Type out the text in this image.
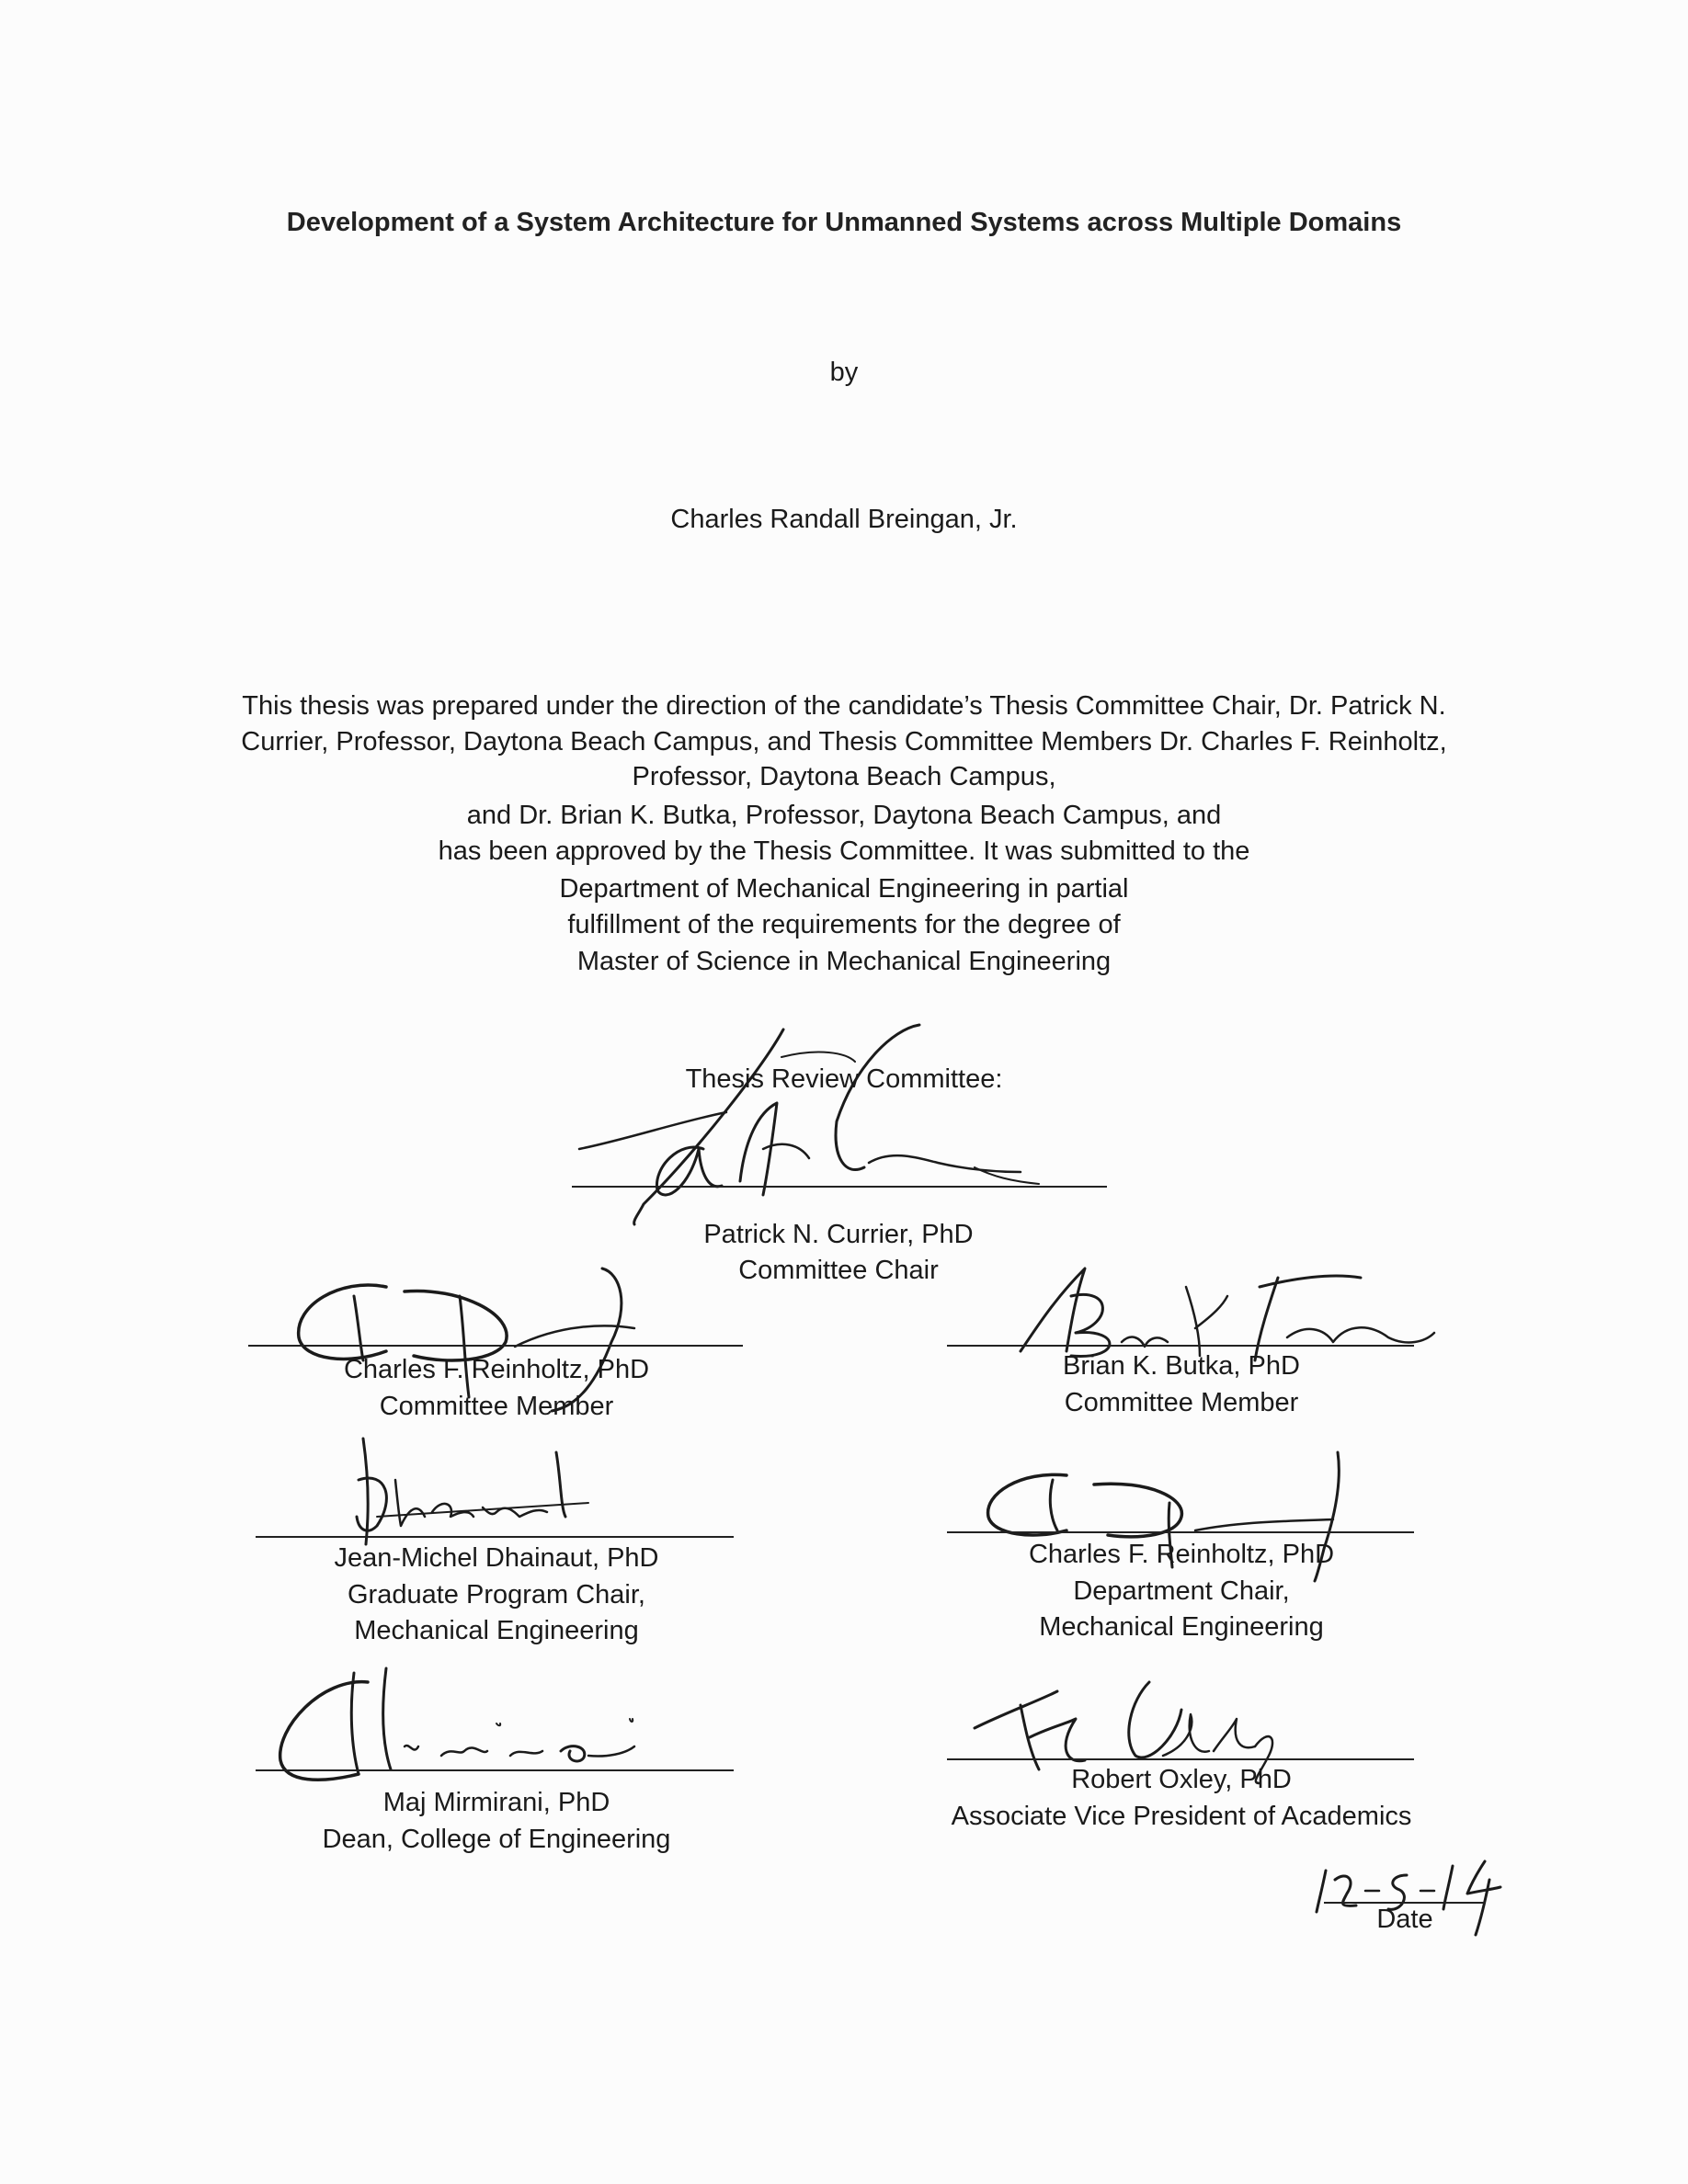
Development of a System Architecture for Unmanned Systems across Multiple Domains
by
Charles Randall Breingan, Jr.
This thesis was prepared under the direction of the candidate’s Thesis Committee Chair, Dr. Patrick N.
Currier, Professor, Daytona Beach Campus, and Thesis Committee Members Dr. Charles F. Reinholtz,
Professor, Daytona Beach Campus,
and Dr. Brian K. Butka, Professor, Daytona Beach Campus, and
has been approved by the Thesis Committee. It was submitted to the
Department of Mechanical Engineering in partial
fulfillment of the requirements for the degree of
Master of Science in Mechanical Engineering
Thesis Review Committee:
Patrick N. Currier, PhD
Committee Chair
Charles F. Reinholtz, PhD
Committee Member
Brian K. Butka, PhD
Committee Member
Jean-Michel Dhainaut, PhD
Graduate Program Chair,
Mechanical Engineering
Charles F. Reinholtz, PhD
Department Chair,
Mechanical Engineering
Maj Mirmirani, PhD
Dean, College of Engineering
Robert Oxley, PhD
Associate Vice President of Academics
Date
